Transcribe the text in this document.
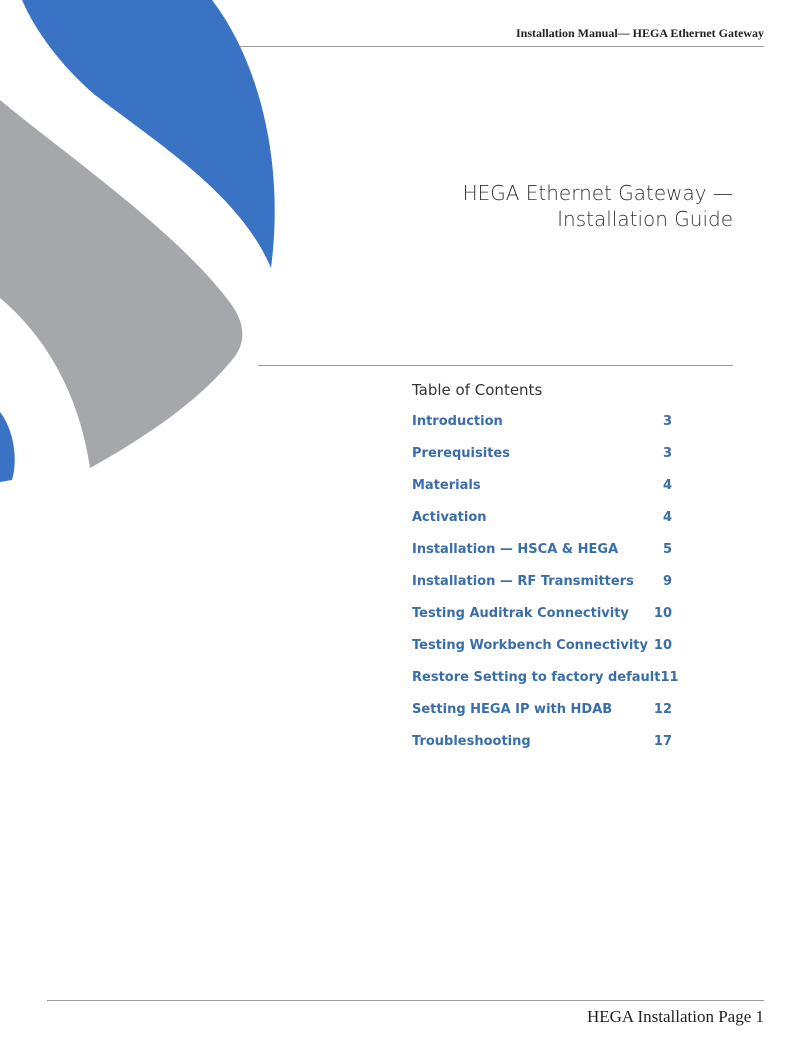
Installation Manual— HEGA Ethernet Gateway
HEGA Ethernet Gateway —
Installation Guide
Table of Contents
Introduction	3
Prerequisites	3
Materials	4
Activation	4
Installation — HSCA & HEGA	5
Installation — RF Transmitters 9
Testing Auditrak Connectivity 10
Testing Workbench Connectivity 10
Restore Setting to factory default 11
Setting HEGA IP with HDAB	12
Troubleshooting	17
HEGA Installation Page 1
